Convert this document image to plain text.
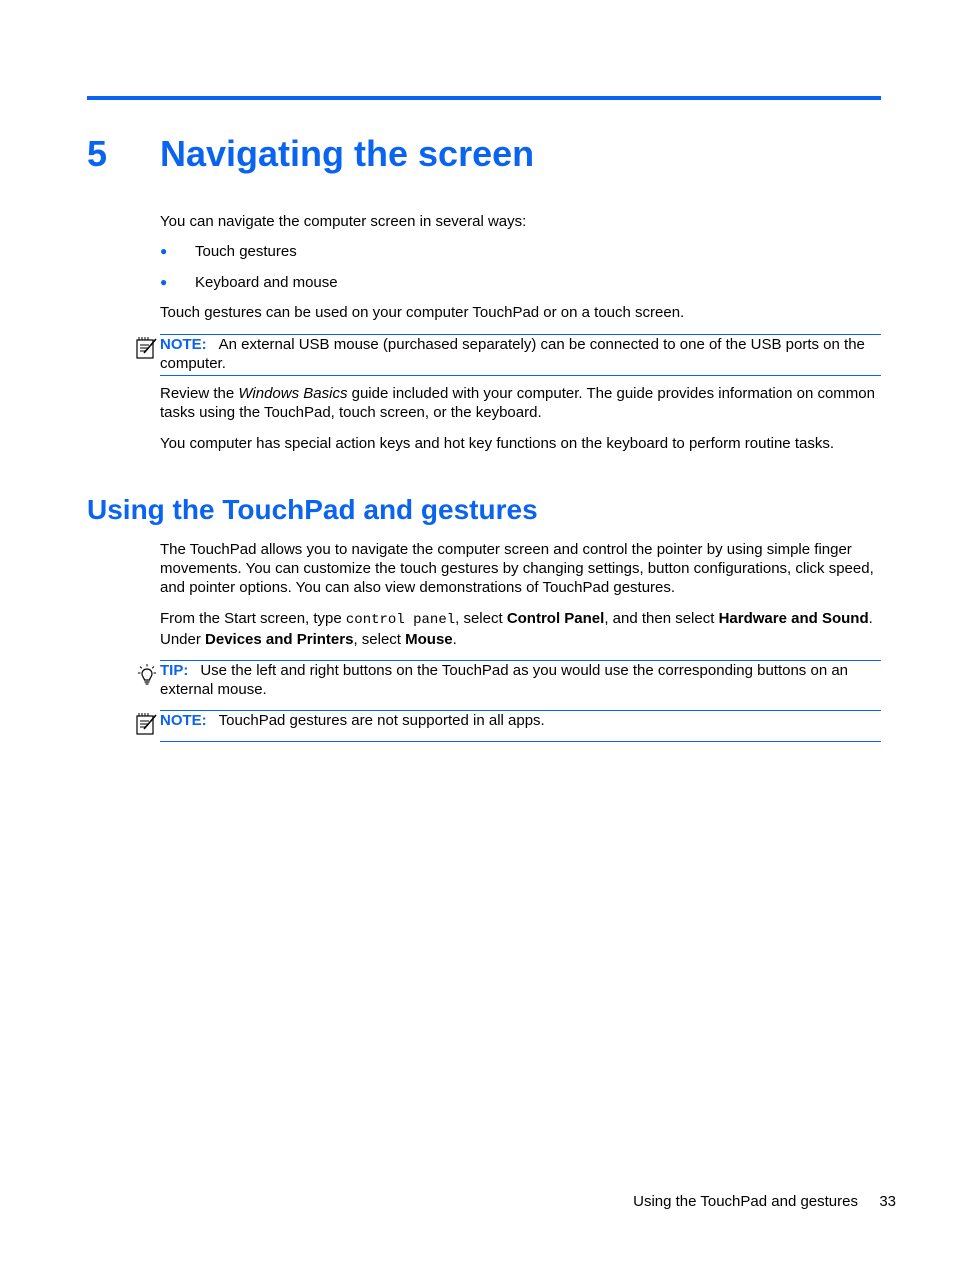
5 Navigating the screen

You can navigate the computer screen in several ways:

● Touch gestures
● Keyboard and mouse

Touch gestures can be used on your computer TouchPad or on a touch screen.

NOTE: An external USB mouse (purchased separately) can be connected to one of the USB ports on the computer.

Review the Windows Basics guide included with your computer. The guide provides information on common tasks using the TouchPad, touch screen, or the keyboard.

You computer has special action keys and hot key functions on the keyboard to perform routine tasks.

Using the TouchPad and gestures

The TouchPad allows you to navigate the computer screen and control the pointer by using simple finger movements. You can customize the touch gestures by changing settings, button configurations, click speed, and pointer options. You can also view demonstrations of TouchPad gestures.

From the Start screen, type control panel, select Control Panel, and then select Hardware and Sound. Under Devices and Printers, select Mouse.

TIP: Use the left and right buttons on the TouchPad as you would use the corresponding buttons on an external mouse.
NOTE: TouchPad gestures are not supported in all apps.
Using the TouchPad and gestures 33
